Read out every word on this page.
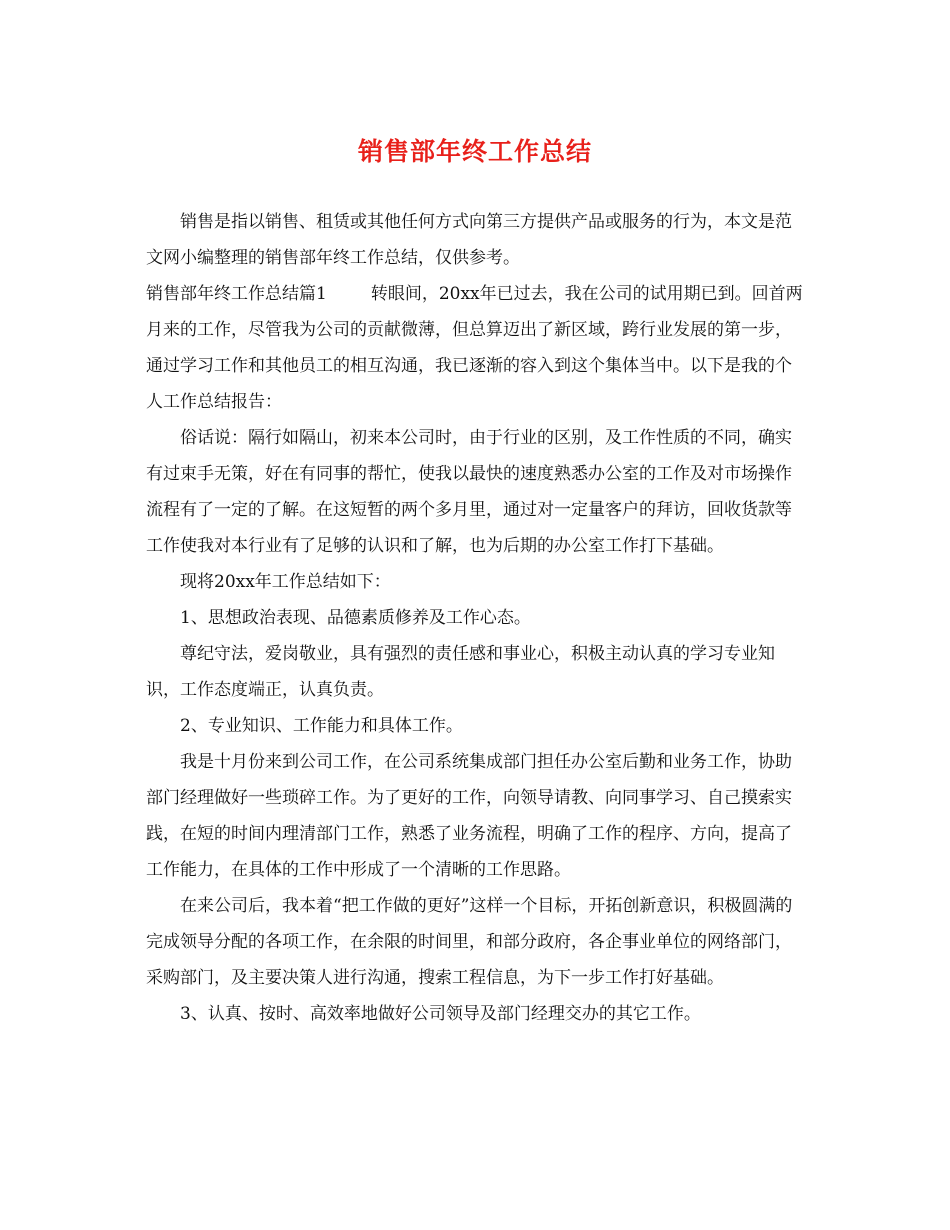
销售部年终工作总结

销售是指以销售、租赁或其他任何方式向第三方提供产品或服务的行为，本文是范文网小编整理的销售部年终工作总结，仅供参考。

销售部年终工作总结篇1	转眼间，20xx年已过去，我在公司的试用期已到。回首两月来的工作，尽管我为公司的贡献微薄，但总算迈出了新区域，跨行业发展的第一步，通过学习工作和其他员工的相互沟通，我已逐渐的容入到这个集体当中。以下是我的个人工作总结报告：

俗话说：隔行如隔山，初来本公司时，由于行业的区别，及工作性质的不同，确实有过束手无策，好在有同事的帮忙，使我以最快的速度熟悉办公室的工作及对市场操作流程有了一定的了解。在这短暂的两个多月里，通过对一定量客户的拜访，回收货款等工作使我对本行业有了足够的认识和了解，也为后期的办公室工作打下基础。

现将20xx年工作总结如下：

1、思想政治表现、品德素质修养及工作心态。

尊纪守法，爱岗敬业，具有强烈的责任感和事业心，积极主动认真的学习专业知识，工作态度端正，认真负责。

2、专业知识、工作能力和具体工作。

我是十月份来到公司工作，在公司系统集成部门担任办公室后勤和业务工作，协助部门经理做好一些琐碎工作。为了更好的工作，向领导请教、向同事学习、自己摸索实践，在短的时间内理清部门工作，熟悉了业务流程，明确了工作的程序、方向，提高了工作能力，在具体的工作中形成了一个清晰的工作思路。

在来公司后，我本着“把工作做的更好”这样一个目标，开拓创新意识，积极圆满的完成领导分配的各项工作，在余限的时间里，和部分政府，各企事业单位的网络部门，采购部门，及主要决策人进行沟通，搜索工程信息，为下一步工作打好基础。

3、认真、按时、高效率地做好公司领导及部门经理交办的其它工作。
